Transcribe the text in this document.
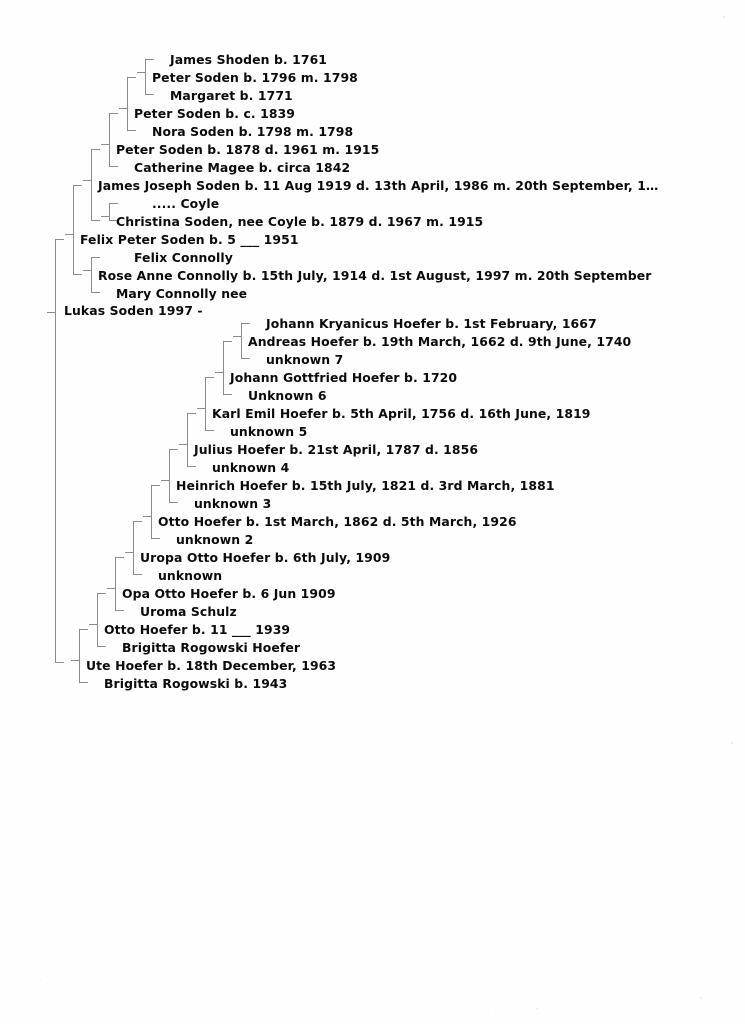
James Shoden b. 1761
Peter Soden b. 1796 m. 1798
Margaret b. 1771
Peter Soden b. c. 1839
Nora Soden b. 1798 m. 1798
Peter Soden b. 1878 d. 1961 m. 1915
Catherine Magee b. circa 1842
James Joseph Soden b. 11 Aug 1919 d. 13th April, 1986 m. 20th September, 1…
..... Coyle
Christina Soden, nee Coyle b. 1879 d. 1967 m. 1915
Felix Peter Soden b. 5 ___ 1951
Felix Connolly
Rose Anne Connolly b. 15th July, 1914 d. 1st August, 1997 m. 20th September
Mary Connolly nee
Johann Kryanicus Hoefer b. 1st February, 1667
Andreas Hoefer b. 19th March, 1662 d. 9th June, 1740
unknown 7
Johann Gottfried Hoefer b. 1720
Unknown 6
Karl Emil Hoefer b. 5th April, 1756 d. 16th June, 1819
unknown 5
Julius Hoefer b. 21st April, 1787 d. 1856
unknown 4
Heinrich Hoefer b. 15th July, 1821 d. 3rd March, 1881
unknown 3
Otto Hoefer b. 1st March, 1862 d. 5th March, 1926
unknown 2
Uropa Otto Hoefer b. 6th July, 1909
unknown
Opa Otto Hoefer b. 6 Jun 1909
Uroma Schulz
Otto Hoefer b. 11 ___ 1939
Brigitta Rogowski Hoefer
Ute Hoefer b. 18th December, 1963
Brigitta Rogowski b. 1943
Lukas Soden 1997 -
